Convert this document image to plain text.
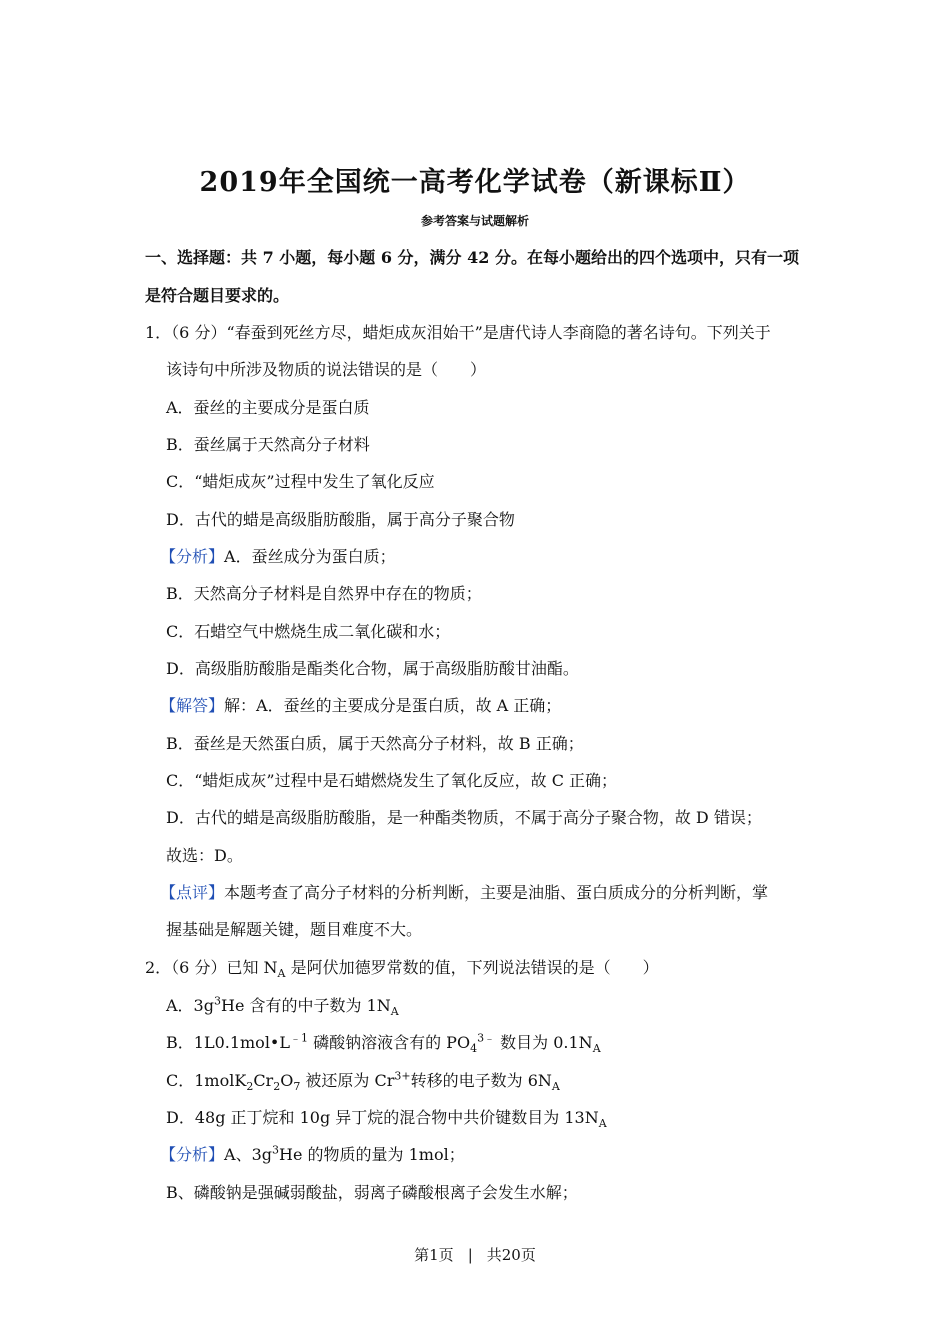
2019年全国统一高考化学试卷（新课标Ⅱ）
参考答案与试题解析
一、选择题：共 7 小题，每小题 6 分，满分 42 分。在每小题给出的四个选项中，只有一项
是符合题目要求的。
1．（6 分）“春蚕到死丝方尽，蜡炬成灰泪始干”是唐代诗人李商隐的著名诗句。下列关于
该诗句中所涉及物质的说法错误的是（　　）
A．蚕丝的主要成分是蛋白质
B．蚕丝属于天然高分子材料
C．“蜡炬成灰”过程中发生了氧化反应
D．古代的蜡是高级脂肪酸脂，属于高分子聚合物
【分析】A．蚕丝成分为蛋白质；
B．天然高分子材料是自然界中存在的物质；
C．石蜡空气中燃烧生成二氧化碳和水；
D．高级脂肪酸脂是酯类化合物，属于高级脂肪酸甘油酯。
【解答】解：A．蚕丝的主要成分是蛋白质，故 A 正确；
B．蚕丝是天然蛋白质，属于天然高分子材料，故 B 正确；
C．“蜡炬成灰”过程中是石蜡燃烧发生了氧化反应，故 C 正确；
D．古代的蜡是高级脂肪酸脂，是一种酯类物质，不属于高分子聚合物，故 D 错误；
故选：D。
【点评】本题考查了高分子材料的分析判断，主要是油脂、蛋白质成分的分析判断，掌
握基础是解题关键，题目难度不大。
2．（6 分）已知 $N_A$ 是阿伏加德罗常数的值，下列说法错误的是（　　）
A．$3g^3He$ 含有的中子数为 $1N_A$
B．$1L0.1mol•L^{﹣1}$ 磷酸钠溶液含有的 $PO_4^{3﹣}$ 数目为 $0.1N_A$
C．$1molK_2Cr_2O_7$ 被还原为 $Cr^{3+}$转移的电子数为 $6N_A$
D．48g 正丁烷和 10g 异丁烷的混合物中共价键数目为 $13N_A$
【分析】A、$3g^3He$ 的物质的量为 1mol；
B、磷酸钠是强碱弱酸盐，弱离子磷酸根离子会发生水解；
第1页 | 共20页
